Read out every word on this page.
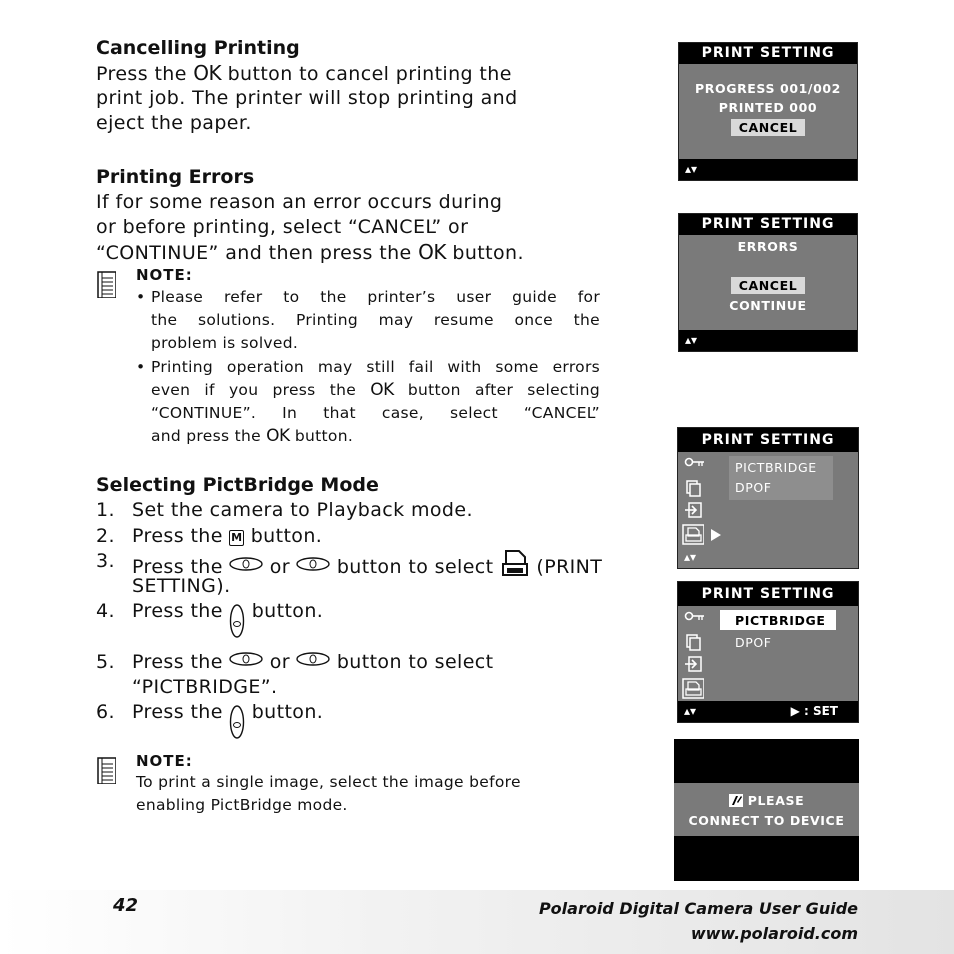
Cancelling Printing
Press the OK button to cancel printing the
print job. The printer will stop printing and
eject the paper.
Printing Errors
If for some reason an error occurs during
or before printing, select “CANCEL” or
“CONTINUE” and then press the OK button.
NOTE:
• Please refer to the printer’s user guide for
the solutions. Printing may resume once the
problem is solved.
• Printing operation may still fail with some errors
even if you press the OK button after selecting
“CONTINUE”. In that case, select “CANCEL”
and press the OK button.
Selecting PictBridge Mode
1. Set the camera to Playback mode.
2. Press the M button.
3. Press the  or  button to select  (PRINT
SETTING).
4. Press the  button.
5. Press the  or  button to select
“PICTBRIDGE”.
6. Press the  button.
NOTE:
To print a single image, select the image before
enabling PictBridge mode.
PRINT SETTING
PROGRESS 001/002
PRINTED 000
CANCEL
▴▾
PRINT SETTING
ERRORS
CANCEL
CONTINUE
▴▾
PRINT SETTING
▴▾
PICTBRIDGE
DPOF
PRINT SETTING
PICTBRIDGE
DPOF
▴▾	▶ : SET
PLEASE
CONNECT TO DEVICE
42	Polaroid Digital Camera User Guide
www.polaroid.com
